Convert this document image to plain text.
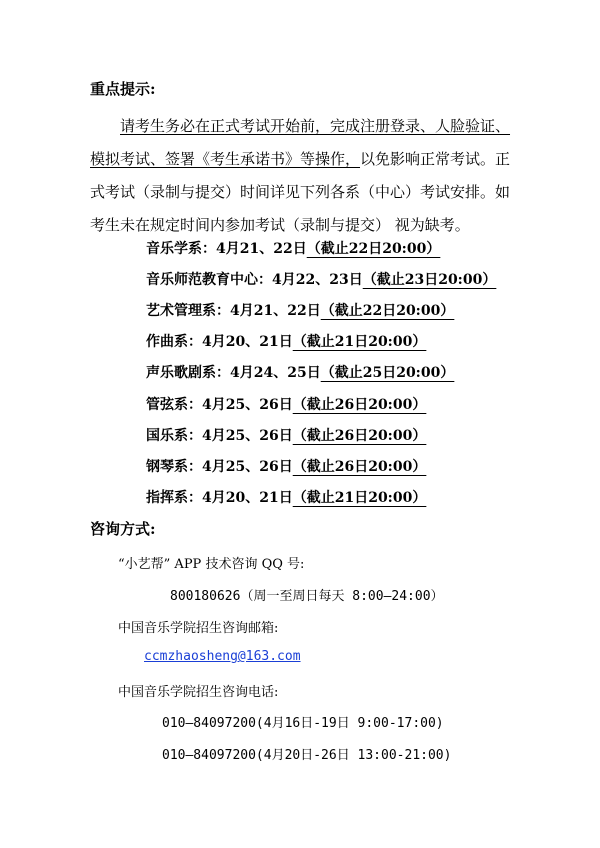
重点提示:

请考生务必在正式考试开始前，完成注册登录、人脸验证、模拟考试、签署《考生承诺书》等操作，以免影响正常考试。正式考试（录制与提交）时间详见下列各系（中心）考试安排。如考生未在规定时间内参加考试（录制与提交） 视为缺考。

音乐学系：4月21、22日（截止22日20:00）
音乐师范教育中心：4月22、23日（截止23日20:00）
艺术管理系：4月21、22日（截止22日20:00）
作曲系：4月20、21日（截止21日20:00）
声乐歌剧系：4月24、25日（截止25日20:00）
管弦系：4月25、26日（截止26日20:00）
国乐系：4月25、26日（截止26日20:00）
钢琴系：4月25、26日（截止26日20:00）
指挥系：4月20、21日（截止21日20:00）
咨询方式:
“小艺帮” APP 技术咨询 QQ 号:
800180626（周一至周日每天 8:00—24:00）
中国音乐学院招生咨询邮箱:
ccmzhaosheng@163.com
中国音乐学院招生咨询电话:
010—84097200(4月16日-19日 9:00-17:00)
010—84097200(4月20日-26日 13:00-21:00)
